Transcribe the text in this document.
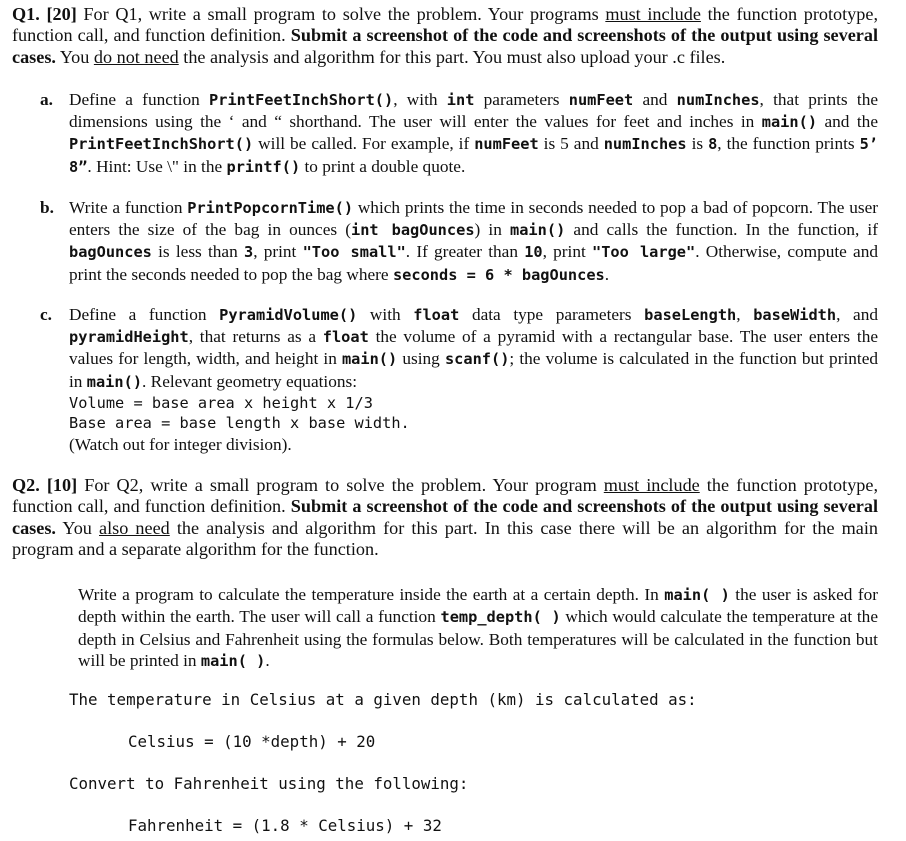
Q1. [20] For Q1, write a small program to solve the problem. Your programs must include the function prototype, function call, and function definition. Submit a screenshot of the code and screenshots of the output using several cases. You do not need the analysis and algorithm for this part. You must also upload your .c files.
a. Define a function PrintFeetInchShort(), with int parameters numFeet and numInches, that prints the dimensions using the ‘ and “ shorthand. The user will enter the values for feet and inches in main() and the PrintFeetInchShort() will be called. For example, if numFeet is 5 and numInches is 8, the function prints 5’ 8”. Hint: Use \" in the printf() to print a double quote.
b. Write a function PrintPopcornTime() which prints the time in seconds needed to pop a bad of popcorn. The user enters the size of the bag in ounces (int bagOunces) in main() and calls the function. In the function, if bagOunces is less than 3, print "Too small". If greater than 10, print "Too large". Otherwise, compute and print the seconds needed to pop the bag where seconds = 6 * bagOunces.
c. Define a function PyramidVolume() with float data type parameters baseLength, baseWidth, and pyramidHeight, that returns as a float the volume of a pyramid with a rectangular base. The user enters the values for length, width, and height in main() using scanf(); the volume is calculated in the function but printed in main(). Relevant geometry equations:
Volume = base area x height x 1/3
Base area = base length x base width.
(Watch out for integer division).
Q2. [10] For Q2, write a small program to solve the problem. Your program must include the function prototype, function call, and function definition. Submit a screenshot of the code and screenshots of the output using several cases. You also need the analysis and algorithm for this part. In this case there will be an algorithm for the main program and a separate algorithm for the function.
Write a program to calculate the temperature inside the earth at a certain depth. In main( ) the user is asked for depth within the earth. The user will call a function temp_depth( ) which would calculate the temperature at the depth in Celsius and Fahrenheit using the formulas below. Both temperatures will be calculated in the function but will be printed in main( ).
The temperature in Celsius at a given depth (km) is calculated as:
Celsius = (10 *depth) + 20
Convert to Fahrenheit using the following:
Fahrenheit = (1.8 * Celsius) + 32
